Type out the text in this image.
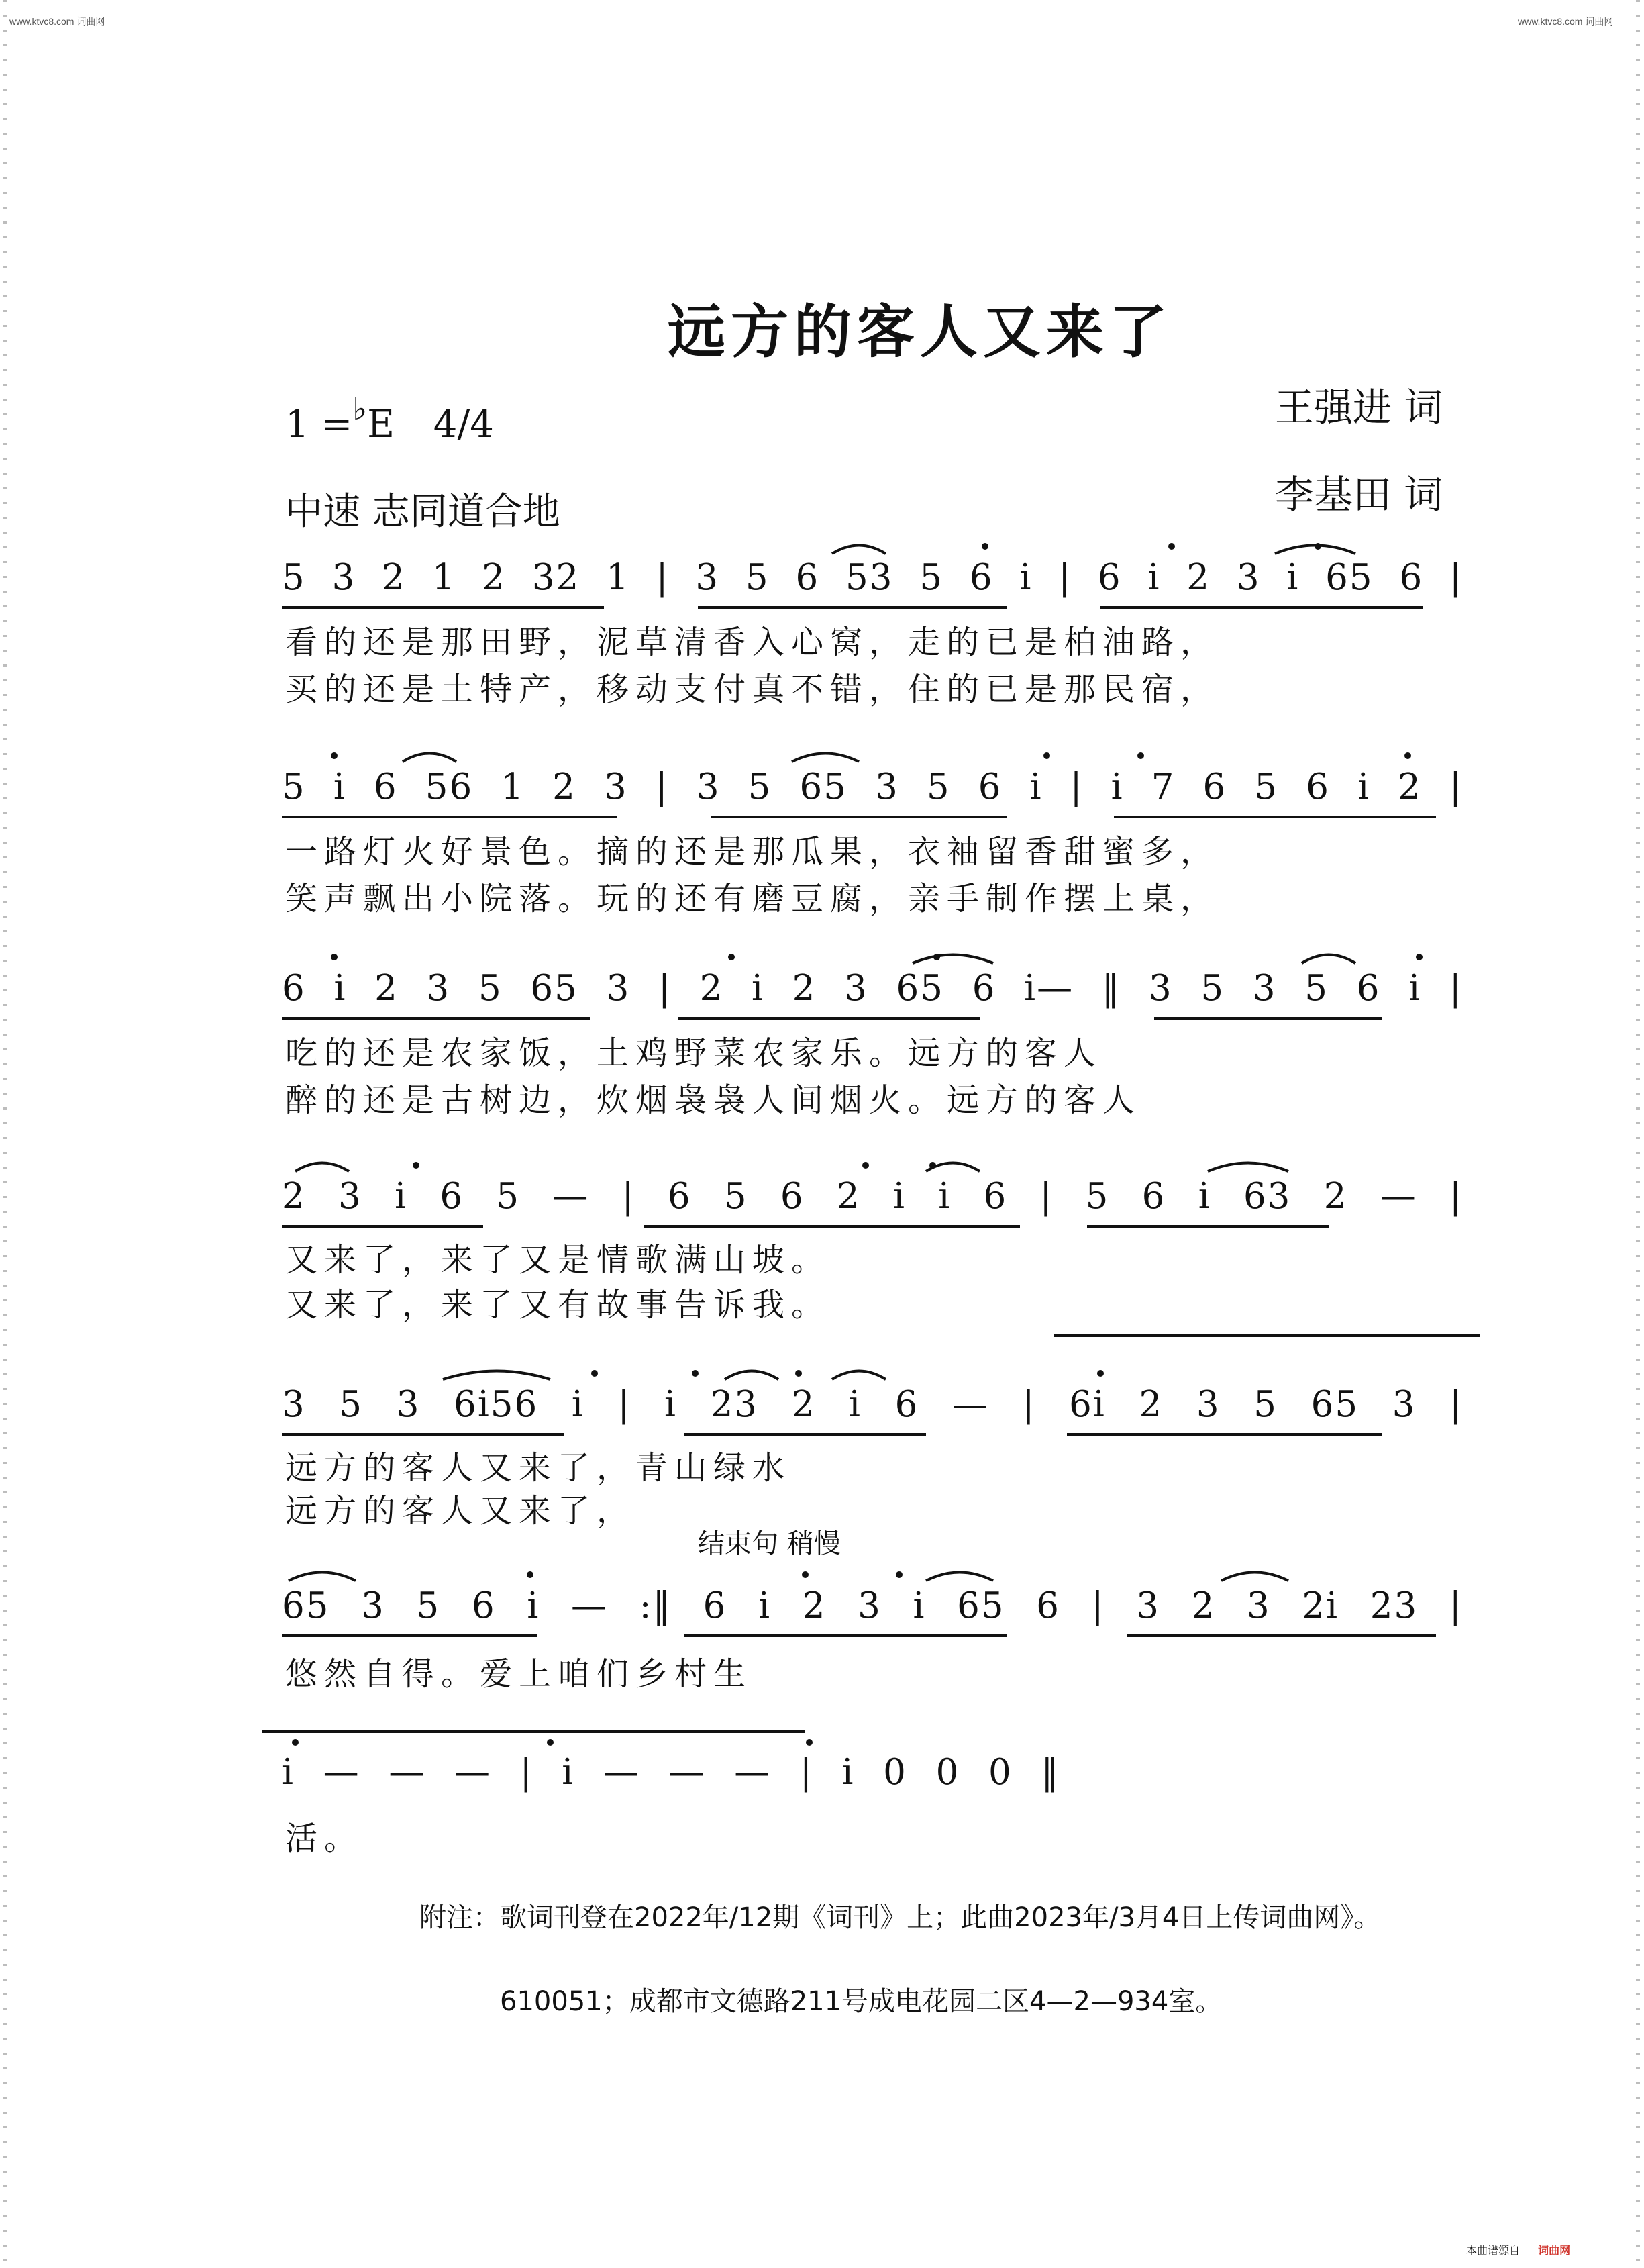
www.ktvc8.com 词曲网	www.ktvc8.com 词曲网
远方的客人又来了
1 =♭E 4/4
中速 志同道合地
王强进 词
李基田 词
5 3 2 1 2 32 1 | 3 5 6 53 5 6 i | 6 i 2 3 i 65 6 |
看的还是那田野，泥草清香入心窝，走的已是柏油路，
买的还是土特产，移动支付真不错，住的已是那民宿，
5 i 6 56 1 2 3 | 3 5 65 3 5 6 i | i 7 6 5 6 i 2 |
一路灯火好景色。摘的还是那瓜果，衣袖留香甜蜜多，
笑声飘出小院落。玩的还有磨豆腐，亲手制作摆上桌，
6 i 2 3 5 65 3 | 2 i 2 3 65 6 i— ‖ 3 5 3 5 6 i |
吃的还是农家饭，土鸡野菜农家乐。远方的客人
醉的还是古树边，炊烟袅袅人间烟火。远方的客人
2 3 i 6 5 — | 6 5 6 2 i i 6 | 5 6 i 63 2 — |
又来了，来了又是情歌满山坡。
又来了，来了又有故事告诉我。
3 5 3 6i56 i | i 23 2 i 6 — | 6i 2 3 5 65 3 |
远方的客人又来了，青山绿水
远方的客人又来了，
结束句 稍慢
65 3 5 6 i — :‖ 6 i 2 3 i 65 6 | 3 2 3 2i 23 |
悠然自得。爱上咱们乡村生
i — — — | i — — — | i 0 0 0 ‖
活。
附注：歌词刊登在2022年/12期《词刊》上；此曲2023年/3月4日上传词曲网》。
610051；成都市文德路211号成电花园二区4—2—934室。
本曲谱源自 词曲网
